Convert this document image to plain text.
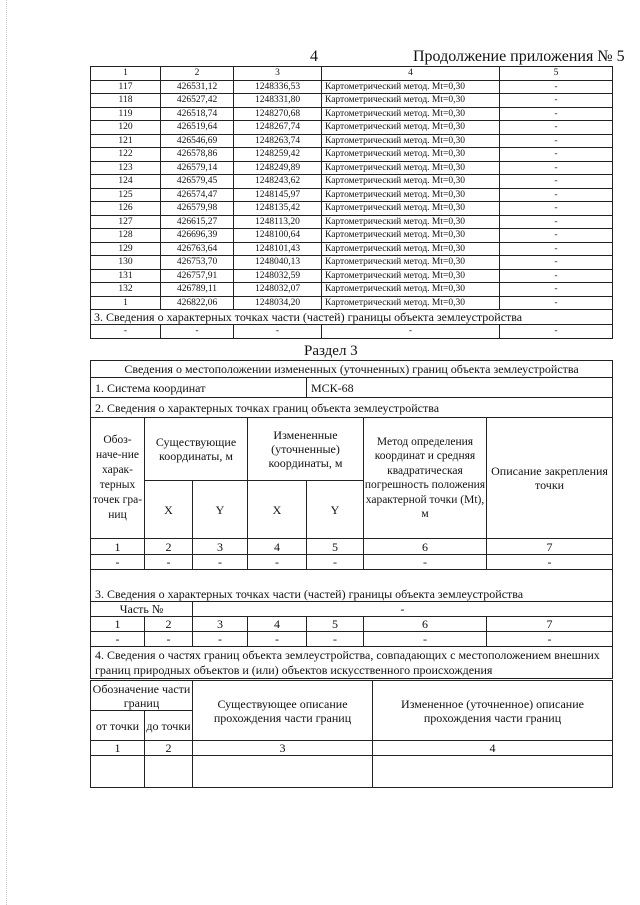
4	Продолжение приложения № 5
1	2	3	4	5
117	426531,12	1248336,53	Картометрический метод. Mt=0,30	-
118	426527,42	1248331,80	Картометрический метод. Mt=0,30	-
119	426518,74	1248270,68	Картометрический метод. Mt=0,30	-
120	426519,64	1248267,74	Картометрический метод. Mt=0,30	-
121	426546,69	1248263,74	Картометрический метод. Mt=0,30	-
122	426578,86	1248259,42	Картометрический метод. Mt=0,30	-
123	426579,14	1248249,89	Картометрический метод. Mt=0,30	-
124	426579,45	1248243,62	Картометрический метод. Mt=0,30	-
125	426574,47	1248145,97	Картометрический метод. Mt=0,30	-
126	426579,98	1248135,42	Картометрический метод. Mt=0,30	-
127	426615,27	1248113,20	Картометрический метод. Mt=0,30	-
128	426696,39	1248100,64	Картометрический метод. Mt=0,30	-
129	426763,64	1248101,43	Картометрический метод. Mt=0,30	-
130	426753,70	1248040,13	Картометрический метод. Mt=0,30	-
131	426757,91	1248032,59	Картометрический метод. Mt=0,30	-
132	426789,11	1248032,07	Картометрический метод. Mt=0,30	-
1	426822,06	1248034,20	Картометрический метод. Mt=0,30	-
3. Сведения о характерных точках части (частей) границы объекта землеустройства				
-	-	-	-	-
Раздел 3
Сведения о местоположении измененных (уточненных) границ объекта землеустройства						
1. Система координат				МСК-68		
2. Сведения о характерных точках границ объекта землеустройства						
Обоз-наче-ние харак-терных точек гра-ниц	Существующие координаты, м		Измененные (уточненные) координаты, м		Метод определения координат и средняя квадратическая погрешность положения характерной точки (Mt), м	Описание закрепления точки
	X	Y	X	Y		
1	2	3	4	5	6	7
-	-	-	-	-	-	-
3. Сведения о характерных точках части (частей) границы объекта землеустройства						
Часть №		-				
1	2	3	4	5	6	7
-	-	-	-	-	-	-
4. Сведения о частях границ объекта землеустройства, совпадающих с местоположением внешних границ природных объектов и (или) объектов искусственного происхождения						
Обозначение части границ		Существующее описание прохождения части границ	Измененное (уточненное) описание прохождения части границ
от точки	до точки		
1	2	3	4
